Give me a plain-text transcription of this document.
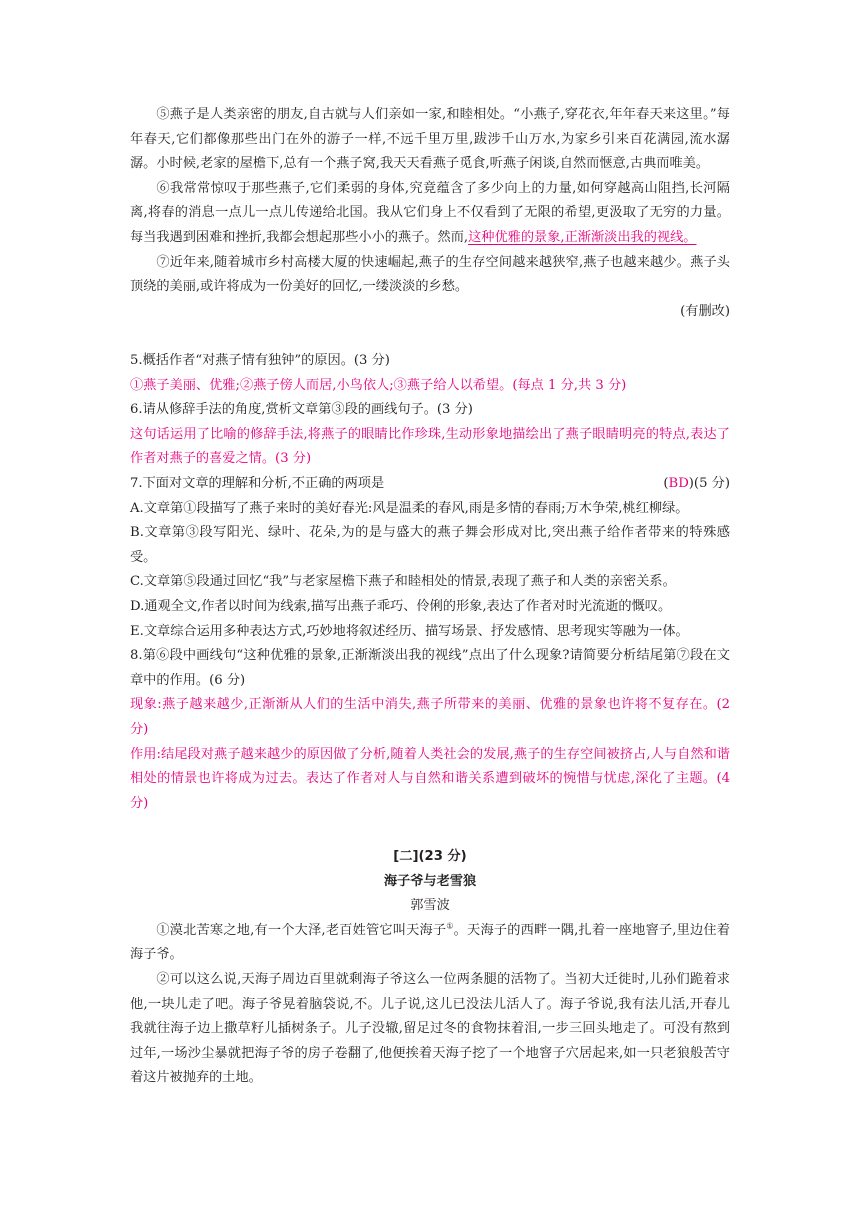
⑤燕子是人类亲密的朋友,自古就与人们亲如一家,和睦相处。“小燕子,穿花衣,年年春天来这里。”每年春天,它们都像那些出门在外的游子一样,不远千里万里,跋涉千山万水,为家乡引来百花满园,流水潺潺。小时候,老家的屋檐下,总有一个燕子窝,我天天看燕子觅食,听燕子闲谈,自然而惬意,古典而唯美。

⑥我常常惊叹于那些燕子,它们柔弱的身体,究竟蕴含了多少向上的力量,如何穿越高山阻挡,长河隔离,将春的消息一点儿一点儿传递给北国。我从它们身上不仅看到了无限的希望,更汲取了无穷的力量。每当我遇到困难和挫折,我都会想起那些小小的燕子。然而,这种优雅的景象,正渐渐淡出我的视线。

⑦近年来,随着城市乡村高楼大厦的快速崛起,燕子的生存空间越来越狭窄,燕子也越来越少。燕子头顶绕的美丽,或许将成为一份美好的回忆,一缕淡淡的乡愁。

(有删改)

5.概括作者“对燕子情有独钟”的原因。(3 分)

①燕子美丽、优雅;②燕子傍人而居,小鸟依人;③燕子给人以希望。(每点 1 分,共 3 分)

6.请从修辞手法的角度,赏析文章第③段的画线句子。(3 分)

这句话运用了比喻的修辞手法,将燕子的眼睛比作珍珠,生动形象地描绘出了燕子眼睛明亮的特点,表达了作者对燕子的喜爱之情。(3 分)

7.下面对文章的理解和分析,不正确的两项是	(BD)(5 分)

A.文章第①段描写了燕子来时的美好春光:风是温柔的春风,雨是多情的春雨;万木争荣,桃红柳绿。

B.文章第③段写阳光、绿叶、花朵,为的是与盛大的燕子舞会形成对比,突出燕子给作者带来的特殊感受。

C.文章第⑤段通过回忆“我”与老家屋檐下燕子和睦相处的情景,表现了燕子和人类的亲密关系。

D.通观全文,作者以时间为线索,描写出燕子乖巧、伶俐的形象,表达了作者对时光流逝的慨叹。

E.文章综合运用多种表达方式,巧妙地将叙述经历、描写场景、抒发感情、思考现实等融为一体。

8.第⑥段中画线句“这种优雅的景象,正渐渐淡出我的视线”点出了什么现象?请简要分析结尾第⑦段在文章中的作用。(6 分)

现象:燕子越来越少,正渐渐从人们的生活中消失,燕子所带来的美丽、优雅的景象也许将不复存在。(2 分)

作用:结尾段对燕子越来越少的原因做了分析,随着人类社会的发展,燕子的生存空间被挤占,人与自然和谐相处的情景也许将成为过去。表达了作者对人与自然和谐关系遭到破坏的惋惜与忧虑,深化了主题。(4 分)

[二](23 分)

海子爷与老雪狼

郭雪波

①漠北苦寒之地,有一个大泽,老百姓管它叫天海子①。天海子的西畔一隅,扎着一座地窨子,里边住着海子爷。

②可以这么说,天海子周边百里就剩海子爷这么一位两条腿的活物了。当初大迁徙时,儿孙们跪着求他,一块儿走了吧。海子爷晃着脑袋说,不。儿子说,这儿已没法儿活人了。海子爷说,我有法儿活,开春儿我就往海子边上撒草籽儿插树条子。儿子没辙,留足过冬的食物抹着泪,一步三回头地走了。可没有熬到过年,一场沙尘暴就把海子爷的房子卷翻了,他便挨着天海子挖了一个地窨子穴居起来,如一只老狼般苦守着这片被抛弃的土地。
